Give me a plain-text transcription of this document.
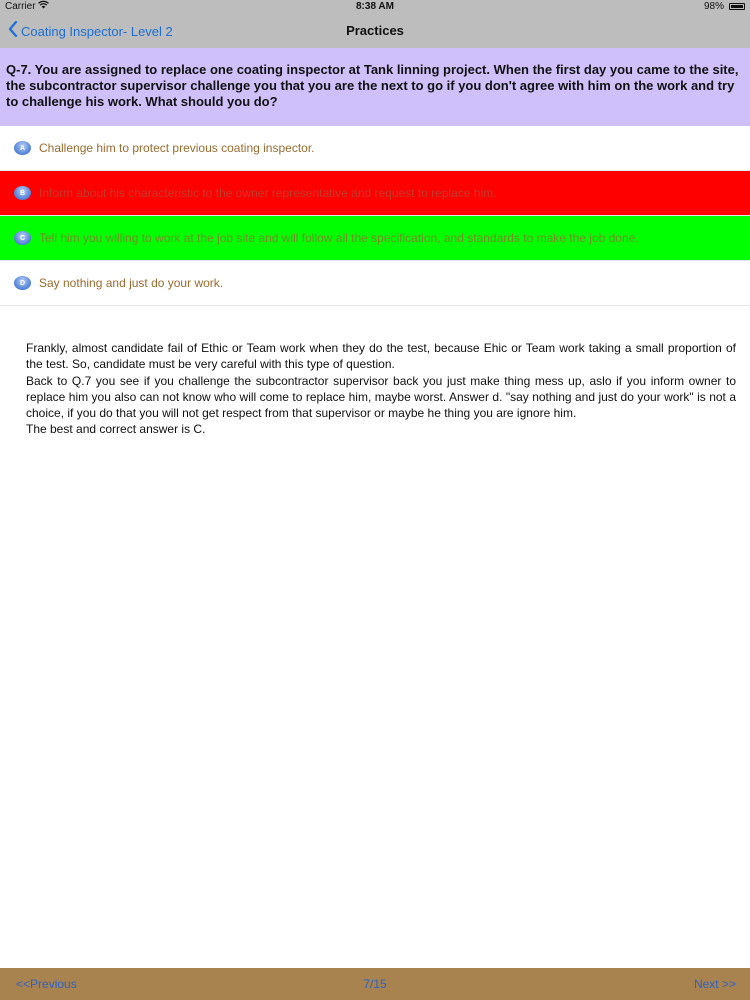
Carrier	8:38 AM	98%
Coating Inspector- Level 2	Practices
Q-7. You are assigned to replace one coating inspector at Tank linning project. When the first day you came to the site, the subcontractor supervisor challenge you that you are the next to go if you don't agree with him on the work and try to challenge his work. What should you do?
A	Challenge him to protect previous coating inspector.
B	Inform about his characteristic to the owner representative and request to replace him.
C	Tell him you willing to work at the job site and will follow all the specification, and standards to make the job done.
D	Say nothing and just do your work.

Frankly, almost candidate fail of Ethic or Team work when they do the test, because Ehic or Team work taking a small proportion of the test. So, candidate must be very careful with this type of question.

Back to Q.7 you see if you challenge the subcontractor supervisor back you just make thing mess up, aslo if you inform owner to replace him you also can not know who will come to replace him, maybe worst. Answer d. "say nothing and just do your work" is not a choice, if you do that you will not get respect from that supervisor or maybe he thing you are ignore him.

The best and correct answer is C.

<<Previous	7/15	Next >>
